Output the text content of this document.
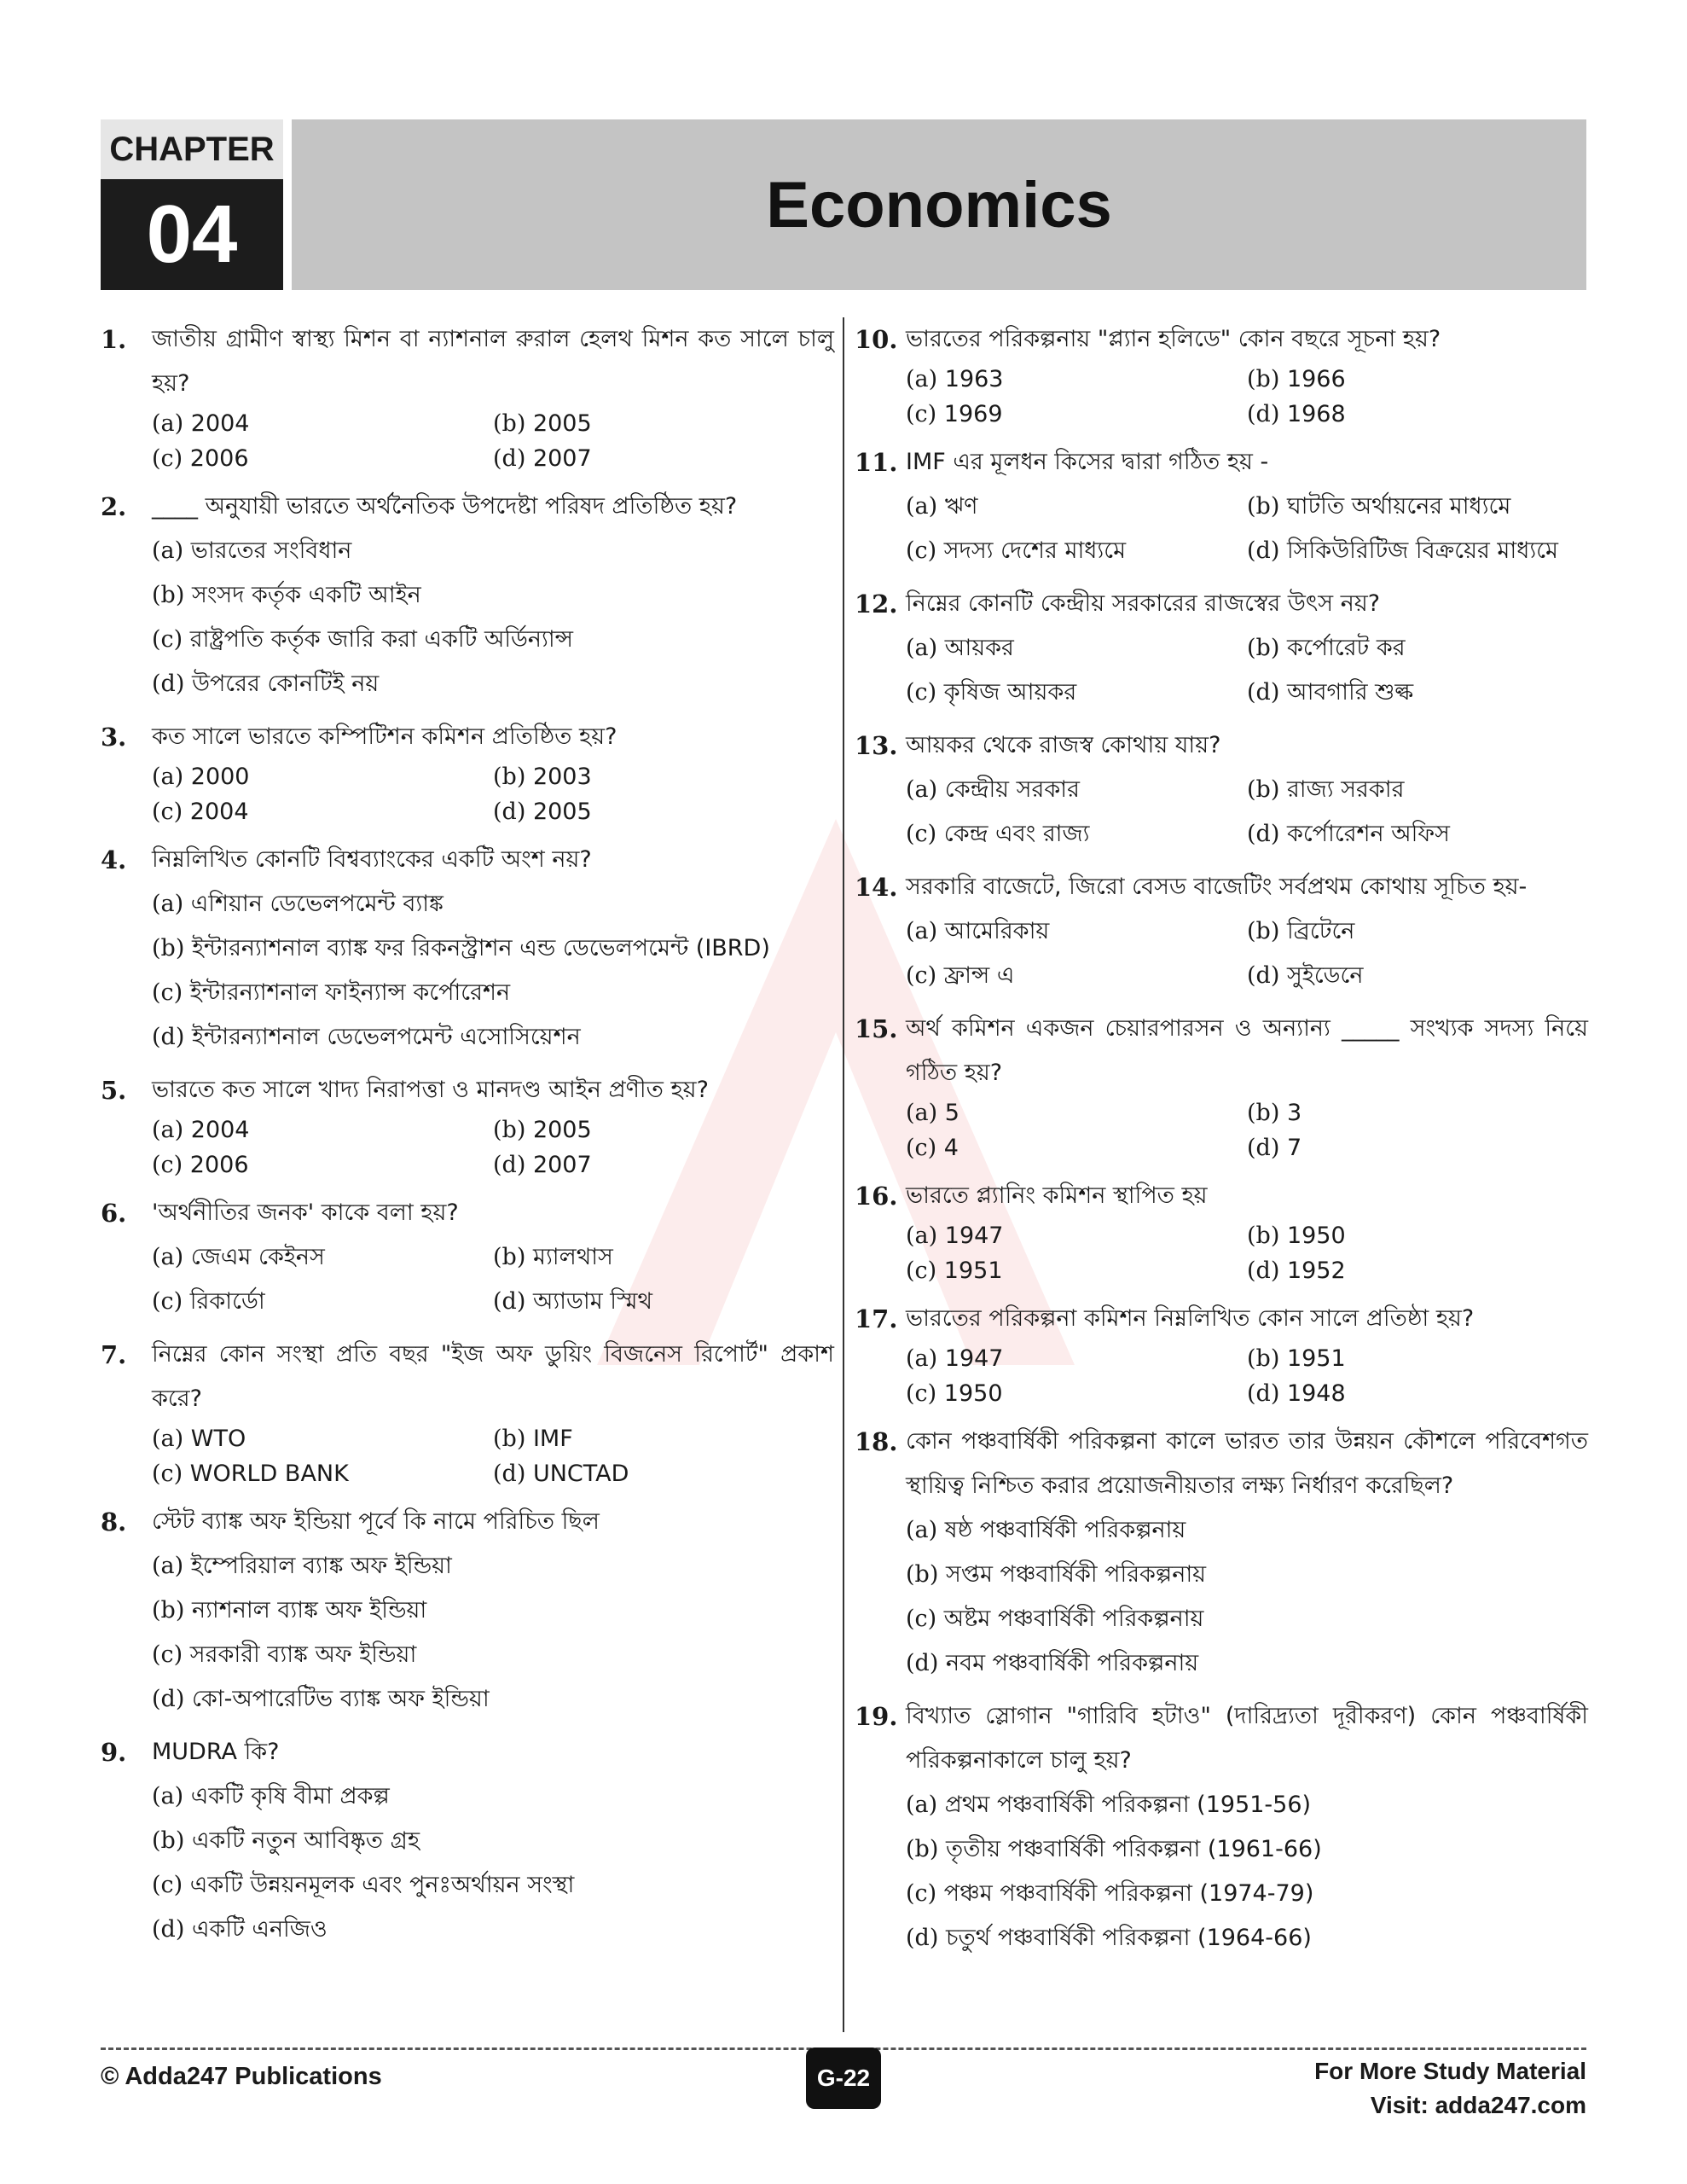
CHAPTER
04	Economics
1. জাতীয় গ্রামীণ স্বাস্থ্য মিশন বা ন্যাশনাল রুরাল হেলথ মিশন কত সালে চালু হয়?
(a) 2004	(b) 2005
(c) 2006	(d) 2007
2. ____ অনুযায়ী ভারতে অর্থনৈতিক উপদেষ্টা পরিষদ প্রতিষ্ঠিত হয়?
(a) ভারতের সংবিধান
(b) সংসদ কর্তৃক একটি আইন
(c) রাষ্ট্রপতি কর্তৃক জারি করা একটি অর্ডিন্যান্স
(d) উপরের কোনটিই নয়
3. কত সালে ভারতে কম্পিটিশন কমিশন প্রতিষ্ঠিত হয়?
(a) 2000	(b) 2003
(c) 2004	(d) 2005
4. নিম্নলিখিত কোনটি বিশ্বব্যাংকের একটি অংশ নয়?
(a) এশিয়ান ডেভেলপমেন্ট ব্যাঙ্ক
(b) ইন্টারন্যাশনাল ব্যাঙ্ক ফর রিকনস্ট্রাশন এন্ড ডেভেলপমেন্ট (IBRD)
(c) ইন্টারন্যাশনাল ফাইন্যান্স কর্পোরেশন
(d) ইন্টারন্যাশনাল ডেভেলপমেন্ট এসোসিয়েশন
5. ভারতে কত সালে খাদ্য নিরাপত্তা ও মানদণ্ড আইন প্রণীত হয়?
(a) 2004	(b) 2005
(c) 2006	(d) 2007
6. 'অর্থনীতির জনক' কাকে বলা হয়?
(a) জেএম কেইনস	(b) ম্যালথাস
(c) রিকার্ডো	(d) অ্যাডাম স্মিথ
7. নিম্নের কোন সংস্থা প্রতি বছর "ইজ অফ ডুয়িং বিজনেস রিপোর্ট" প্রকাশ করে?
(a) WTO	(b) IMF
(c) WORLD BANK	(d) UNCTAD
8. স্টেট ব্যাঙ্ক অফ ইন্ডিয়া পূর্বে কি নামে পরিচিত ছিল
(a) ইম্পেরিয়াল ব্যাঙ্ক অফ ইন্ডিয়া
(b) ন্যাশনাল ব্যাঙ্ক অফ ইন্ডিয়া
(c) সরকারী ব্যাঙ্ক অফ ইন্ডিয়া
(d) কো-অপারেটিভ ব্যাঙ্ক অফ ইন্ডিয়া
9. MUDRA কি?
(a) একটি কৃষি বীমা প্রকল্প
(b) একটি নতুন আবিষ্কৃত গ্রহ
(c) একটি উন্নয়নমূলক এবং পুনঃঅর্থায়ন সংস্থা
(d) একটি এনজিও
10. ভারতের পরিকল্পনায় "প্ল্যান হলিডে" কোন বছরে সূচনা হয়?
(a) 1963	(b) 1966
(c) 1969	(d) 1968
11. IMF এর মূলধন কিসের দ্বারা গঠিত হয় -
(a) ঋণ	(b) ঘাটতি অর্থায়নের মাধ্যমে
(c) সদস্য দেশের মাধ্যমে	(d) সিকিউরিটিজ বিক্রয়ের মাধ্যমে
12. নিম্নের কোনটি কেন্দ্রীয় সরকারের রাজস্বের উৎস নয়?
(a) আয়কর	(b) কর্পোরেট কর
(c) কৃষিজ আয়কর	(d) আবগারি শুল্ক
13. আয়কর থেকে রাজস্ব কোথায় যায়?
(a) কেন্দ্রীয় সরকার	(b) রাজ্য সরকার
(c) কেন্দ্র এবং রাজ্য	(d) কর্পোরেশন অফিস
14. সরকারি বাজেটে, জিরো বেসড বাজেটিং সর্বপ্রথম কোথায় সূচিত হয়-
(a) আমেরিকায়	(b) ব্রিটেনে
(c) ফ্রান্স এ	(d) সুইডেনে
15. অর্থ কমিশন একজন চেয়ারপারসন ও অন্যান্য _____ সংখ্যক সদস্য নিয়ে গঠিত হয়?
(a) 5	(b) 3
(c) 4	(d) 7
16. ভারতে প্ল্যানিং কমিশন স্থাপিত হয়
(a) 1947	(b) 1950
(c) 1951	(d) 1952
17. ভারতের পরিকল্পনা কমিশন নিম্নলিখিত কোন সালে প্রতিষ্ঠা হয়?
(a) 1947	(b) 1951
(c) 1950	(d) 1948
18. কোন পঞ্চবার্ষিকী পরিকল্পনা কালে ভারত তার উন্নয়ন কৌশলে পরিবেশগত স্থায়িত্ব নিশ্চিত করার প্রয়োজনীয়তার লক্ষ্য নির্ধারণ করেছিল?
(a) ষষ্ঠ পঞ্চবার্ষিকী পরিকল্পনায়
(b) সপ্তম পঞ্চবার্ষিকী পরিকল্পনায়
(c) অষ্টম পঞ্চবার্ষিকী পরিকল্পনায়
(d) নবম পঞ্চবার্ষিকী পরিকল্পনায়
19. বিখ্যাত স্লোগান "গারিবি হটাও" (দারিদ্র্যতা দূরীকরণ) কোন পঞ্চবার্ষিকী পরিকল্পনাকালে চালু হয়?
(a) প্রথম পঞ্চবার্ষিকী পরিকল্পনা (1951-56)
(b) তৃতীয় পঞ্চবার্ষিকী পরিকল্পনা (1961-66)
(c) পঞ্চম পঞ্চবার্ষিকী পরিকল্পনা (1974-79)
(d) চতুর্থ পঞ্চবার্ষিকী পরিকল্পনা (1964-66)
© Adda247 Publications	G-22	For More Study Material
Visit: adda247.com
